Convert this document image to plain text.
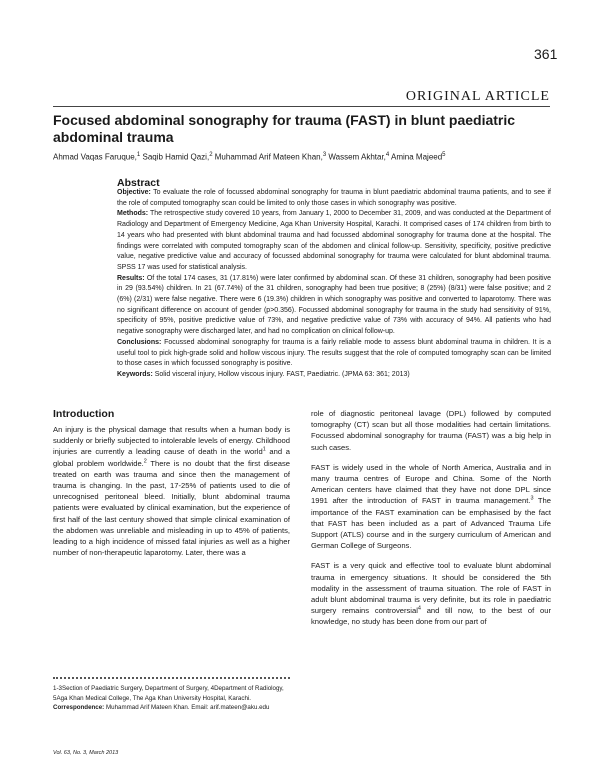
361
ORIGINAL ARTICLE
Focused abdominal sonography for trauma (FAST) in blunt paediatric abdominal trauma
Ahmad Vaqas Faruque,$^1$ Saqib Hamid Qazi,$^2$ Muhammad Arif Mateen Khan,$^3$ Wassem Akhtar,$^4$ Amina Majeed$^5$
Abstract

Objective: To evaluate the role of focussed abdominal sonography for trauma in blunt paediatric abdominal trauma patients, and to see if the role of computed tomography scan could be limited to only those cases in which sonography was positive.

Methods: The retrospective study covered 10 years, from January 1, 2000 to December 31, 2009, and was conducted at the Department of Radiology and Department of Emergency Medicine, Aga Khan University Hospital, Karachi. It comprised cases of 174 children from birth to 14 years who had presented with blunt abdominal trauma and had focussed abdominal sonography for trauma done at the hospital. The findings were correlated with computed tomography scan of the abdomen and clinical follow-up. Sensitivity, specificity, positive predictive value, negative predictive value and accuracy of focussed abdominal sonography for trauma were calculated for blunt abdominal trauma. SPSS 17 was used for statistical analysis.

Results: Of the total 174 cases, 31 (17.81%) were later confirmed by abdominal scan. Of these 31 children, sonography had been positive in 29 (93.54%) children. In 21 (67.74%) of the 31 children, sonography had been true positive; 8 (25%) (8/31) were false positive; and 2 (6%) (2/31) were false negative. There were 6 (19.3%) children in which sonography was positive and converted to laparotomy. There was no significant difference on account of gender (p>0.356). Focussed abdominal sonography for trauma in the study had sensitivity of 91%, specificity of 95%, positive predictive value of 73%, and negative predictive value of 73% with accuracy of 94%. All patients who had negative sonography were discharged later, and had no complication on clinical follow-up.

Conclusions: Focussed abdominal sonography for trauma is a fairly reliable mode to assess blunt abdominal trauma in children. It is a useful tool to pick high-grade solid and hollow viscous injury. The results suggest that the role of computed tomography scan can be limited to those cases in which focussed sonography is positive.

Keywords: Solid visceral injury, Hollow viscous injury. FAST, Paediatric. (JPMA 63: 361; 2013)

Introduction

An injury is the physical damage that results when a human body is suddenly or briefly subjected to intolerable levels of energy. Childhood injuries are currently a leading cause of death in the world$^1$ and a global problem worldwide.$^2$ There is no doubt that the first disease treated on earth was trauma and since then the management of trauma is changing. In the past, 17-25% of patients used to die of unrecognised peritoneal bleed. Initially, blunt abdominal trauma patients were evaluated by clinical examination, but the experience of first half of the last century showed that simple clinical examination of the abdomen was unreliable and misleading in up to 45% of patients, leading to a high incidence of missed fatal injuries as well as a higher number of non-therapeutic laparotomy. Later, there was a

role of diagnostic peritoneal lavage (DPL) followed by computed tomography (CT) scan but all those modalities had certain limitations. Focussed abdominal sonography for trauma (FAST) was a big help in such cases.

FAST is widely used in the whole of North America, Australia and in many trauma centres of Europe and China. Some of the North American centers have claimed that they have not done DPL since 1991 after the introduction of FAST in trauma management.$^3$ The importance of the FAST examination can be emphasised by the fact that FAST has been included as a part of Advanced Trauma Life Support (ATLS) course and in the surgery curriculum of American and German College of Surgeons.

FAST is a very quick and effective tool to evaluate blunt abdominal trauma in emergency situations. It should be considered the 5th modality in the assessment of trauma situation. The role of FAST in adult blunt abdominal trauma is very definite, but its role in paediatric surgery remains controversial$^4$ and till now, to the best of our knowledge, no study has been done from our part of

1-3Section of Paediatric Surgery, Department of Surgery, 4Department of Radiology, 5Aga Khan Medical College, The Aga Khan University Hospital, Karachi.

Correspondence: Muhammad Arif Mateen Khan. Email: arif.mateen@aku.edu

Vol. 63, No. 3, March 2013
